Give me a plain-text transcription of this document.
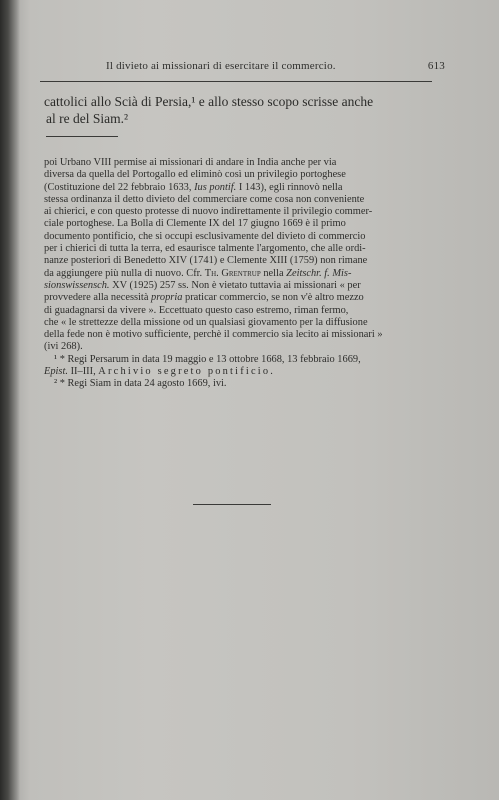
Il divieto ai missionari di esercitare il commercio.	613

cattolici allo Scià di Persia,¹ e allo stesso scopo scrisse anche

al re del Siam.²

poi Urbano VIII permise ai missionari di andare in India anche per via
diversa da quella del Portogallo ed eliminò così un privilegio portoghese
(Costituzione del 22 febbraio 1633, Ius pontif. I 143), egli rinnovò nella
stessa ordinanza il detto divieto del commerciare come cosa non conveniente
ai chierici, e con questo protesse di nuovo indirettamente il privilegio commer-
ciale portoghese. La Bolla di Clemente IX del 17 giugno 1669 è il primo
documento pontificio, che si occupi esclusivamente del divieto di commercio
per i chierici di tutta la terra, ed esaurisce talmente l'argomento, che alle ordi-
nanze posteriori di Benedetto XIV (1741) e Clemente XIII (1759) non rimane
da aggiungere più nulla di nuovo. Cfr. Th. Grentrup nella Zeitschr. f. Mis-
sionswissensch. XV (1925) 257 ss. Non è vietato tuttavia ai missionari « per
provvedere alla necessità propria praticar commercio, se non v'è altro mezzo
di guadagnarsi da vivere ». Eccettuato questo caso estremo, riman fermo,
che « le strettezze della missione od un qualsiasi giovamento per la diffusione
della fede non è motivo sufficiente, perchè il commercio sia lecito ai missionari »
(ivi 268).
¹ * Regi Persarum in data 19 maggio e 13 ottobre 1668, 13 febbraio 1669,
Epist. II–III, Archivio segreto pontificio.
² * Regi Siam in data 24 agosto 1669, ivi.
